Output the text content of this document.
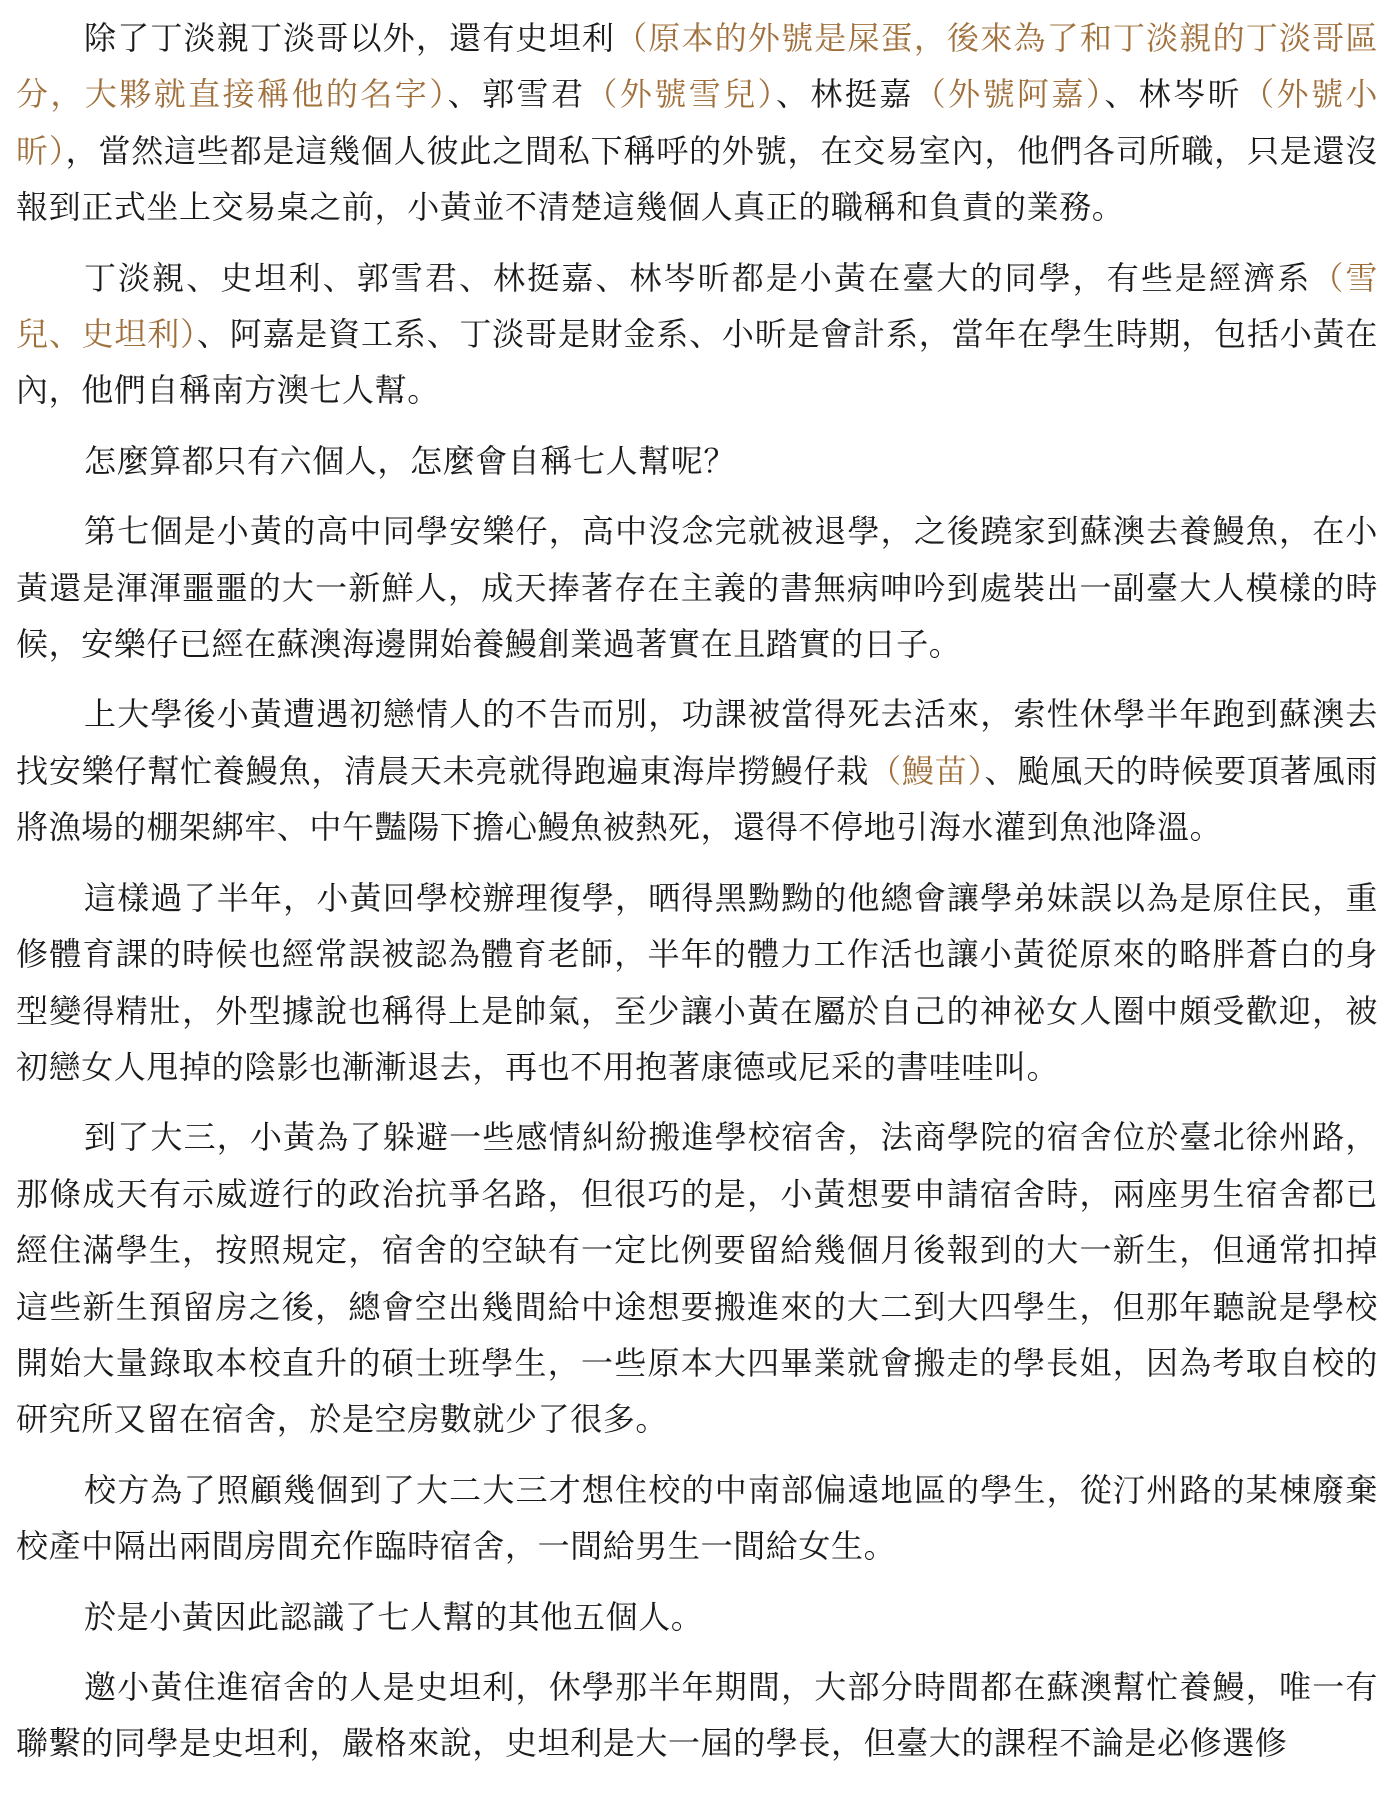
除了丁淡親丁淡哥以外，還有史坦利（原本的外號是屎蛋，後來為了和丁淡親的丁淡哥區分，大夥就直接稱他的名字）、郭雪君（外號雪兒）、林挺嘉（外號阿嘉）、林岑昕（外號小昕），當然這些都是這幾個人彼此之間私下稱呼的外號，在交易室內，他們各司所職，只是還沒報到正式坐上交易桌之前，小黃並不清楚這幾個人真正的職稱和負責的業務。

丁淡親、史坦利、郭雪君、林挺嘉、林岑昕都是小黃在臺大的同學，有些是經濟系（雪兒、史坦利）、阿嘉是資工系、丁淡哥是財金系、小昕是會計系，當年在學生時期，包括小黃在內，他們自稱南方澳七人幫。

怎麼算都只有六個人，怎麼會自稱七人幫呢？

第七個是小黃的高中同學安樂仔，高中沒念完就被退學，之後蹺家到蘇澳去養鰻魚，在小黃還是渾渾噩噩的大一新鮮人，成天捧著存在主義的書無病呻吟到處裝出一副臺大人模樣的時候，安樂仔已經在蘇澳海邊開始養鰻創業過著實在且踏實的日子。

上大學後小黃遭遇初戀情人的不告而別，功課被當得死去活來，索性休學半年跑到蘇澳去找安樂仔幫忙養鰻魚，清晨天未亮就得跑遍東海岸撈鰻仔栽（鰻苗）、颱風天的時候要頂著風雨將漁場的棚架綁牢、中午豔陽下擔心鰻魚被熱死，還得不停地引海水灌到魚池降溫。

這樣過了半年，小黃回學校辦理復學，晒得黑黝黝的他總會讓學弟妹誤以為是原住民，重修體育課的時候也經常誤被認為體育老師，半年的體力工作活也讓小黃從原來的略胖蒼白的身型變得精壯，外型據說也稱得上是帥氣，至少讓小黃在屬於自己的神祕女人圈中頗受歡迎，被初戀女人甩掉的陰影也漸漸退去，再也不用抱著康德或尼采的書哇哇叫。

到了大三，小黃為了躲避一些感情糾紛搬進學校宿舍，法商學院的宿舍位於臺北徐州路，那條成天有示威遊行的政治抗爭名路，但很巧的是，小黃想要申請宿舍時，兩座男生宿舍都已經住滿學生，按照規定，宿舍的空缺有一定比例要留給幾個月後報到的大一新生，但通常扣掉這些新生預留房之後，總會空出幾間給中途想要搬進來的大二到大四學生，但那年聽說是學校開始大量錄取本校直升的碩士班學生，一些原本大四畢業就會搬走的學長姐，因為考取自校的研究所又留在宿舍，於是空房數就少了很多。

校方為了照顧幾個到了大二大三才想住校的中南部偏遠地區的學生，從汀州路的某棟廢棄校產中隔出兩間房間充作臨時宿舍，一間給男生一間給女生。

於是小黃因此認識了七人幫的其他五個人。

邀小黃住進宿舍的人是史坦利，休學那半年期間，大部分時間都在蘇澳幫忙養鰻，唯一有聯繫的同學是史坦利，嚴格來說，史坦利是大一屆的學長，但臺大的課程不論是必修選修
